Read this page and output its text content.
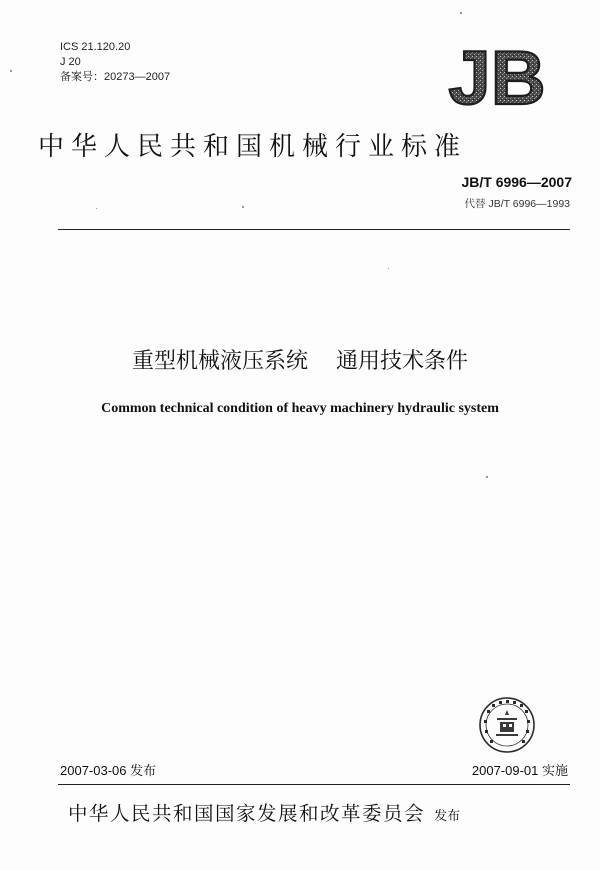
ICS 21.120.20
J 20
备案号：20273—2007	JB
中华人民共和国机械行业标准
JB/T 6996—2007
代替 JB/T 6996—1993
重型机械液压系统    通用技术条件
Common technical condition of heavy machinery hydraulic system
2007-03-06 发布	2007-09-01 实施
中华人民共和国国家发展和改革委员会 发布
